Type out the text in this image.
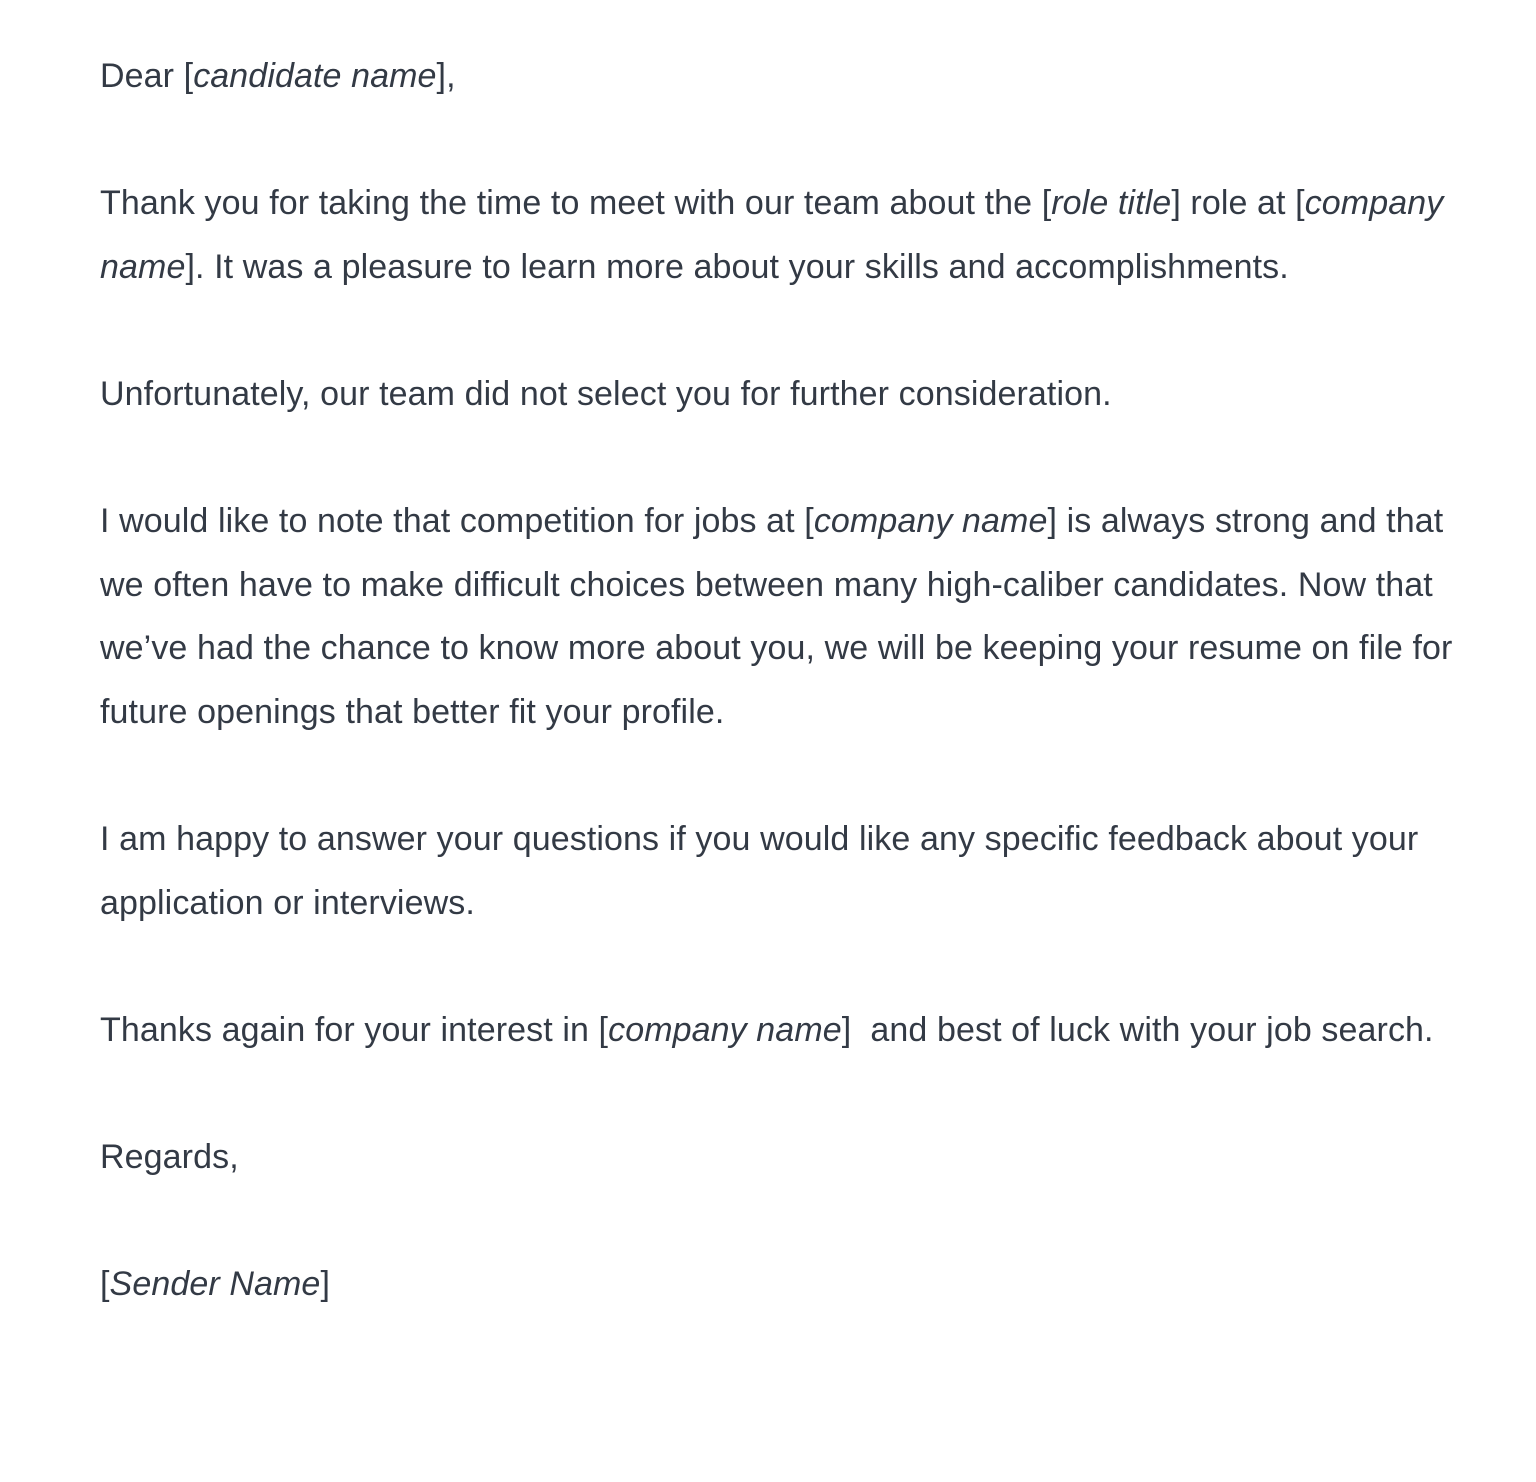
Dear [candidate name],

Thank you for taking the time to meet with our team about the [role title] role at [company name]. It was a pleasure to learn more about your skills and accomplishments.

Unfortunately, our team did not select you for further consideration.

I would like to note that competition for jobs at [company name] is always strong and that we often have to make difficult choices between many high-caliber candidates. Now that we’ve had the chance to know more about you, we will be keeping your resume on file for future openings that better fit your profile.

I am happy to answer your questions if you would like any specific feedback about your application or interviews.

Thanks again for your interest in [company name]  and best of luck with your job search.

Regards,

[Sender Name]
